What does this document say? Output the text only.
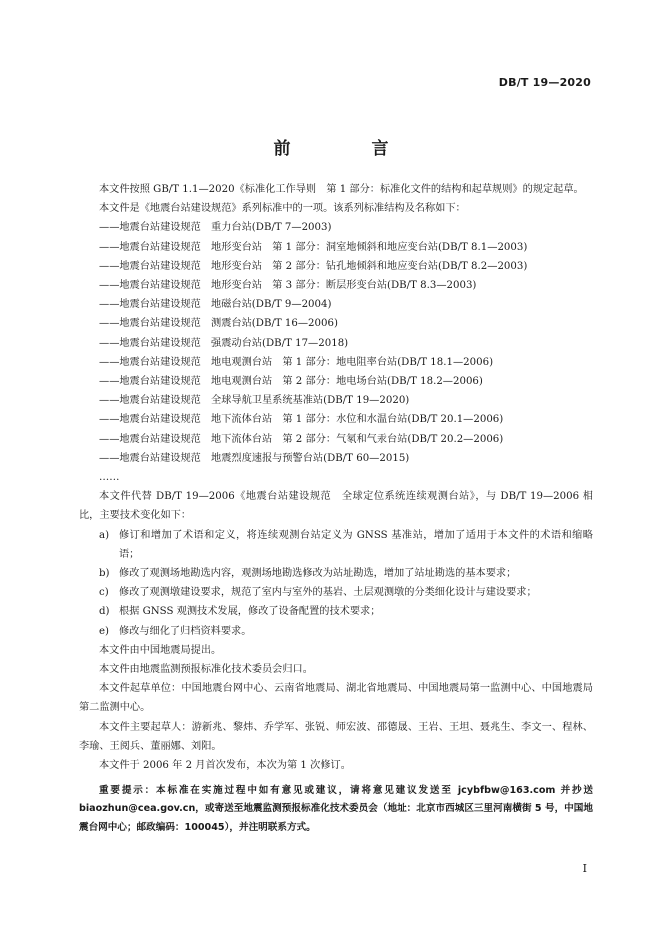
DB/T 19—2020
前　言

本文件按照 GB/T 1.1—2020《标准化工作导则　第 1 部分：标准化文件的结构和起草规则》的规定起草。

本文件是《地震台站建设规范》系列标准中的一项。该系列标准结构及名称如下：

——地震台站建设规范　重力台站(DB/T 7—2003)

——地震台站建设规范　地形变台站　第 1 部分：洞室地倾斜和地应变台站(DB/T 8.1—2003)

——地震台站建设规范　地形变台站　第 2 部分：钻孔地倾斜和地应变台站(DB/T 8.2—2003)

——地震台站建设规范　地形变台站　第 3 部分：断层形变台站(DB/T 8.3—2003)

——地震台站建设规范　地磁台站(DB/T 9—2004)

——地震台站建设规范　测震台站(DB/T 16—2006)

——地震台站建设规范　强震动台站(DB/T 17—2018)

——地震台站建设规范　地电观测台站　第 1 部分：地电阻率台站(DB/T 18.1—2006)

——地震台站建设规范　地电观测台站　第 2 部分：地电场台站(DB/T 18.2—2006)

——地震台站建设规范　全球导航卫星系统基准站(DB/T 19—2020)

——地震台站建设规范　地下流体台站　第 1 部分：水位和水温台站(DB/T 20.1—2006)

——地震台站建设规范　地下流体台站　第 2 部分：气氡和气汞台站(DB/T 20.2—2006)

——地震台站建设规范　地震烈度速报与预警台站(DB/T 60—2015)

……

本文件代替 DB/T 19—2006《地震台站建设规范　全球定位系统连续观测台站》，与 DB/T 19—2006 相比，主要技术变化如下：

a) 修订和增加了术语和定义，将连续观测台站定义为 GNSS 基准站，增加了适用于本文件的术语和缩略语；
b) 修改了观测场地勘选内容，观测场地勘选修改为站址勘选，增加了站址勘选的基本要求；
c)	修改了观测墩建设要求，规范了室内与室外的基岩、土层观测墩的分类细化设计与建设要求；
d) 根据 GNSS 观测技术发展，修改了设备配置的技术要求；
e) 修改与细化了归档资料要求。

本文件由中国地震局提出。

本文件由地震监测预报标准化技术委员会归口。

本文件起草单位：中国地震台网中心、云南省地震局、湖北省地震局、中国地震局第一监测中心、中国地震局第二监测中心。

本文件主要起草人：游新兆、黎炜、乔学军、张锐、师宏波、邵德晟、王岩、王坦、聂兆生、李文一、程林、李瑜、王阅兵、董丽娜、刘阳。

本文件于 2006 年 2 月首次发布，本次为第 1 次修订。

重要提示：本标准在实施过程中如有意见或建议，请将意见建议发送至 jcybfbw@163.com 并抄送 biaozhun@cea.gov.cn，或寄送至地震监测预报标准化技术委员会（地址：北京市西城区三里河南横街 5 号，中国地震台网中心；邮政编码：100045），并注明联系方式。
Ⅰ
